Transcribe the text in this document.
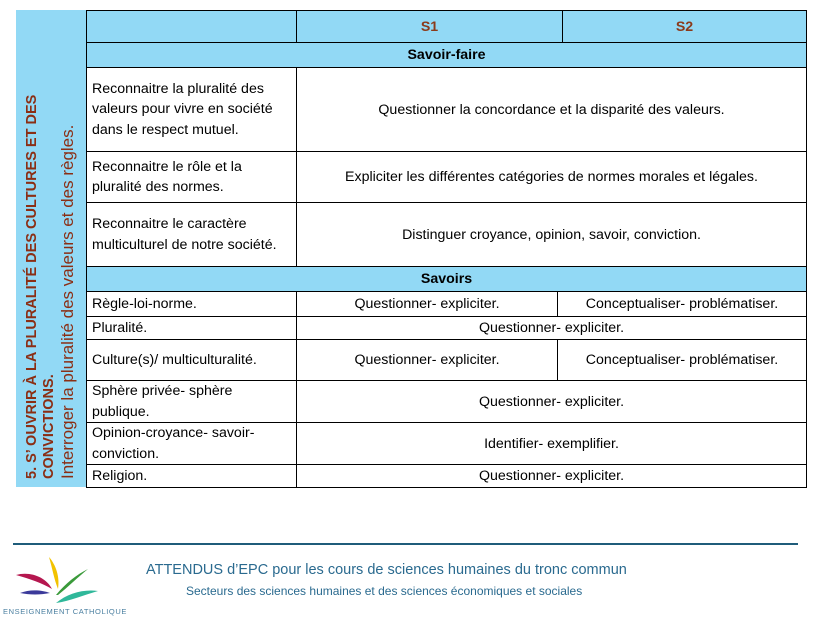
5. S’ OUVRIR À LA PLURALITÉ DES CULTURES ET DES CONVICTIONS. Interroger la pluralité des valeurs et des règles.
	S1		S2
Savoir-faire			
Reconnaitre la pluralité des valeurs pour vivre en société dans le respect mutuel.	Questionner la concordance et la disparité des valeurs.		
Reconnaitre le rôle et la pluralité des normes.	Expliciter les différentes catégories de normes morales et légales.		
Reconnaitre le caractère multiculturel de notre société.	Distinguer croyance, opinion, savoir, conviction.		
Savoirs			
Règle-loi-norme.	Questionner- expliciter.	Conceptualiser- problématiser.	
Pluralité.	Questionner- expliciter.		
Culture(s)/ multiculturalité.	Questionner- expliciter.	Conceptualiser- problématiser.	
Sphère privée- sphère publique.	Questionner- expliciter.		
Opinion-croyance- savoir-conviction.	Identifier- exemplifier.		
Religion.	Questionner- expliciter.		
ENSEIGNEMENT CATHOLIQUE
ATTENDUS d’EPC pour les cours de sciences humaines du tronc commun
Secteurs des sciences humaines et des sciences économiques et sociales
